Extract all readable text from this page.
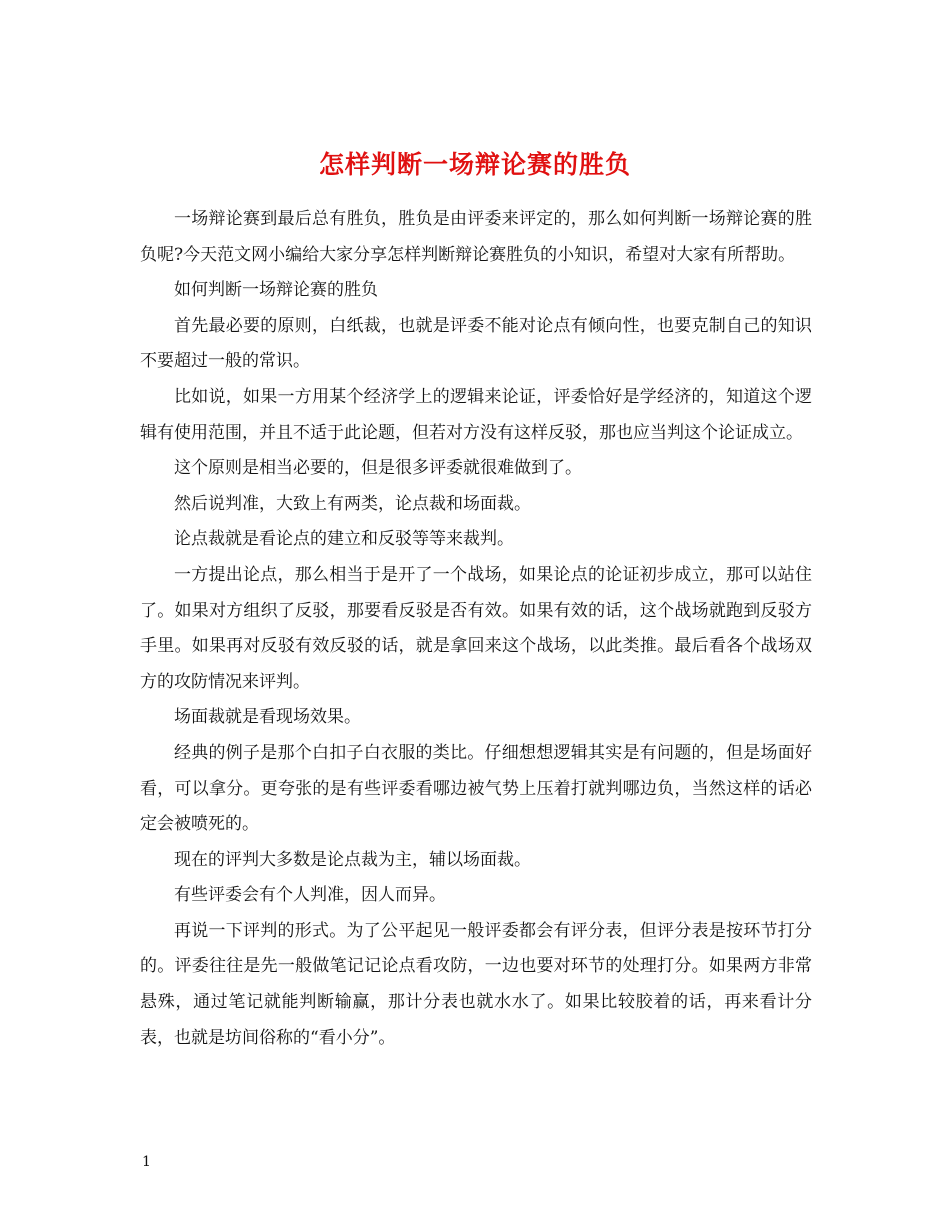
怎样判断一场辩论赛的胜负

一场辩论赛到最后总有胜负，胜负是由评委来评定的，那么如何判断一场辩论赛的胜负呢?今天范文网小编给大家分享怎样判断辩论赛胜负的小知识，希望对大家有所帮助。

如何判断一场辩论赛的胜负

首先最必要的原则，白纸裁，也就是评委不能对论点有倾向性，也要克制自己的知识不要超过一般的常识。

比如说，如果一方用某个经济学上的逻辑来论证，评委恰好是学经济的，知道这个逻辑有使用范围，并且不适于此论题，但若对方没有这样反驳，那也应当判这个论证成立。

这个原则是相当必要的，但是很多评委就很难做到了。

然后说判准，大致上有两类，论点裁和场面裁。

论点裁就是看论点的建立和反驳等等来裁判。

一方提出论点，那么相当于是开了一个战场，如果论点的论证初步成立，那可以站住了。如果对方组织了反驳，那要看反驳是否有效。如果有效的话，这个战场就跑到反驳方手里。如果再对反驳有效反驳的话，就是拿回来这个战场，以此类推。最后看各个战场双方的攻防情况来评判。

场面裁就是看现场效果。

经典的例子是那个白扣子白衣服的类比。仔细想想逻辑其实是有问题的，但是场面好看，可以拿分。更夸张的是有些评委看哪边被气势上压着打就判哪边负，当然这样的话必定会被喷死的。

现在的评判大多数是论点裁为主，辅以场面裁。

有些评委会有个人判准，因人而异。

再说一下评判的形式。为了公平起见一般评委都会有评分表，但评分表是按环节打分的。评委往往是先一般做笔记记论点看攻防，一边也要对环节的处理打分。如果两方非常悬殊，通过笔记就能判断输赢，那计分表也就水水了。如果比较胶着的话，再来看计分表，也就是坊间俗称的“看小分”。

1
